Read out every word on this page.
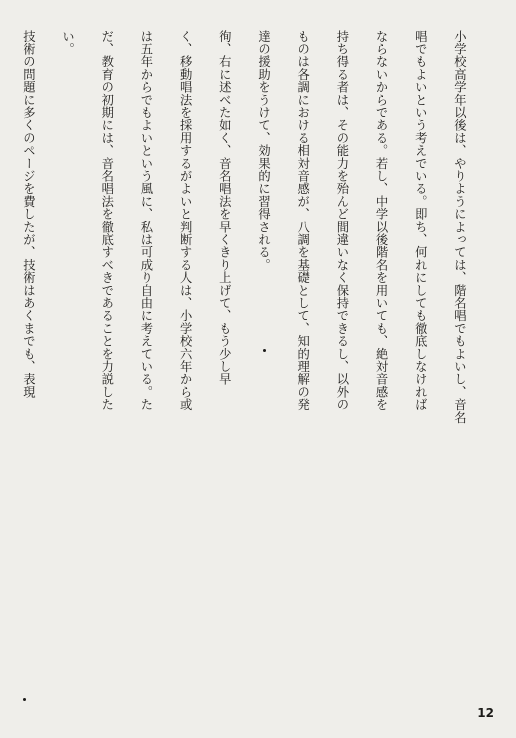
小学校高学年以後は、やりようによっては、階名唱でもよいし、音名

唱でもよいという考えでいる。即ち、何れにしても徹底しなければ

ならないからである。若し、中学以後階名を用いても、絶対音感を

持ち得る者は、その能力を殆んど間違いなく保持できるし、以外の

ものは各調における相対音感が、八調を基礎として、知的理解の発

達の援助をうけて、効果的に習得される。

徇、右に述べた如く、音名唱法を早くきり上げて、もう少し早

く、移動唱法を採用するがよいと判断する人は、小学校六年から或

は五年からでもよいという風に、私は可成り自由に考えている。た

だ、教育の初期には、音名唱法を徹底すべきであることを力説した

い。

技術の問題に多くのページを費したが、技術はあくまでも、表現

12
